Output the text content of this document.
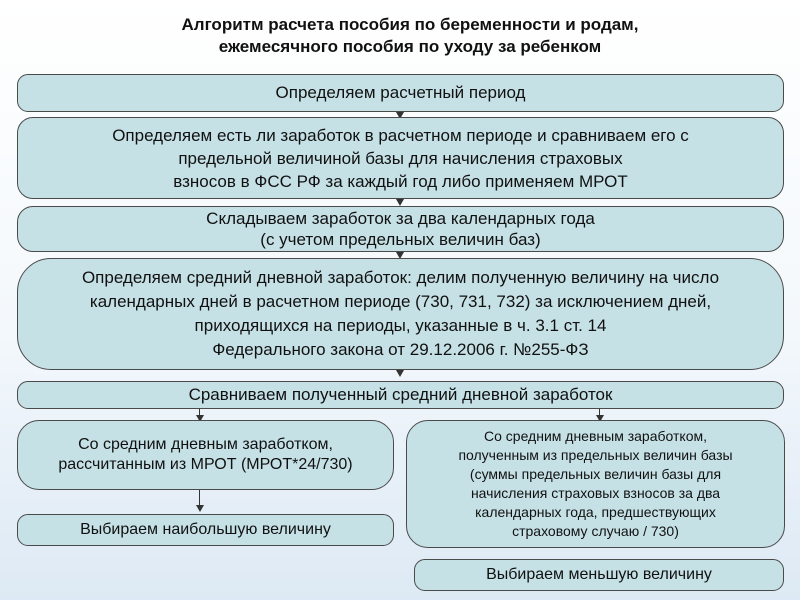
Алгоритм расчета пособия по беременности и родам,
ежемесячного пособия по уходу за ребенком
Определяем расчетный период
Определяем есть ли заработок в расчетном периоде и сравниваем его с
предельной величиной базы для начисления страховых
взносов в ФСС РФ за каждый год либо применяем МРОТ
Складываем заработок за два календарных года
(с учетом предельных величин баз)
Определяем средний дневной заработок: делим полученную величину на число
календарных дней в расчетном периоде (730, 731, 732) за исключением дней,
приходящихся на периоды, указанные в ч. 3.1 ст. 14
Федерального закона от 29.12.2006 г. №255-ФЗ
Сравниваем полученный средний дневной заработок
Со средним дневным заработком,
рассчитанным из МРОТ (МРОТ*24/730)
Выбираем наибольшую величину
Со средним дневным заработком,
полученным из предельных величин базы
(суммы предельных величин базы для
начисления страховых взносов за два
календарных года, предшествующих
страховому случаю / 730)
Выбираем меньшую величину
